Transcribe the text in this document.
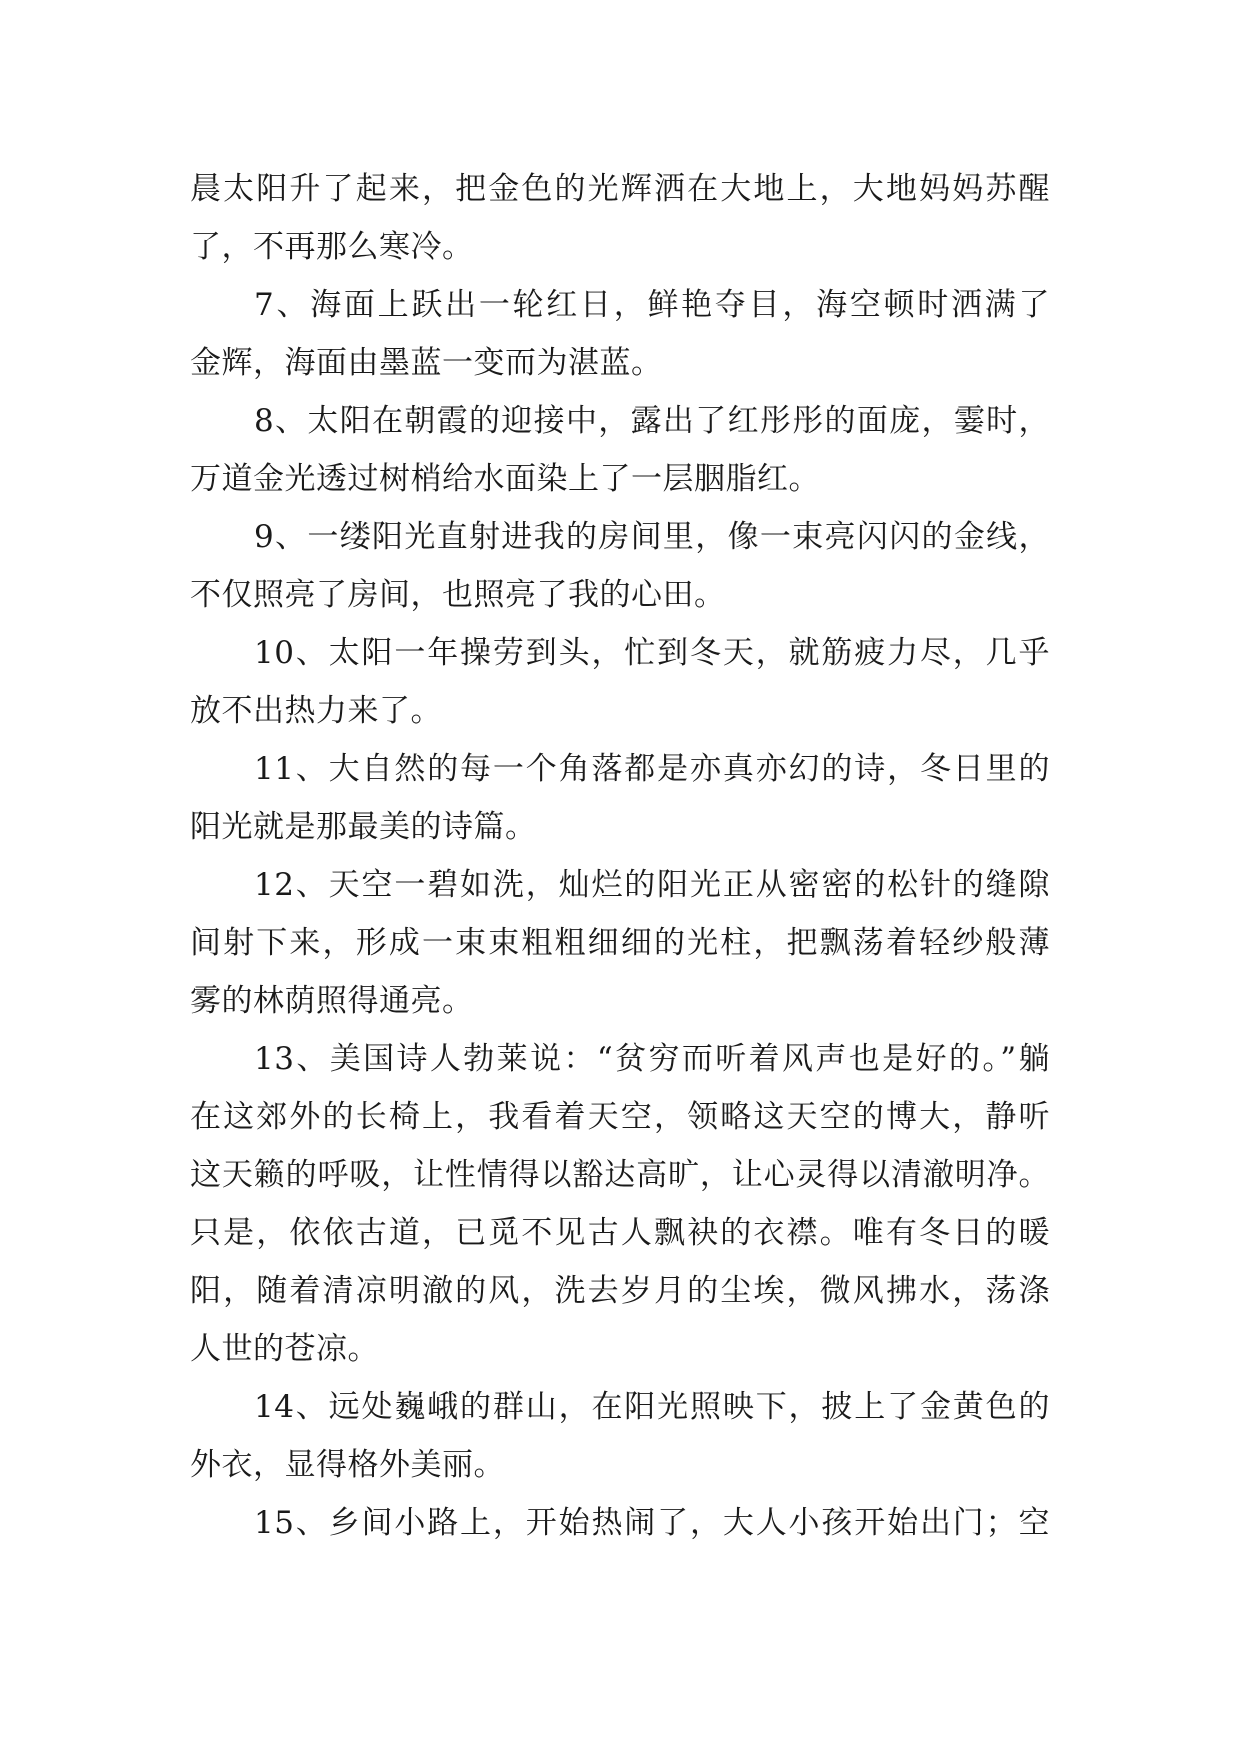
晨太阳升了起来，把金色的光辉洒在大地上，大地妈妈苏醒
了，不再那么寒冷。
7、海面上跃出一轮红日，鲜艳夺目，海空顿时洒满了
金辉，海面由墨蓝一变而为湛蓝。
8、太阳在朝霞的迎接中，露出了红彤彤的面庞，霎时，
万道金光透过树梢给水面染上了一层胭脂红。
9、一缕阳光直射进我的房间里，像一束亮闪闪的金线，
不仅照亮了房间，也照亮了我的心田。
10、太阳一年操劳到头，忙到冬天，就筋疲力尽，几乎
放不出热力来了。
11、大自然的每一个角落都是亦真亦幻的诗，冬日里的
阳光就是那最美的诗篇。
12、天空一碧如洗，灿烂的阳光正从密密的松针的缝隙
间射下来，形成一束束粗粗细细的光柱，把飘荡着轻纱般薄
雾的林荫照得通亮。
13、美国诗人勃莱说：“贫穷而听着风声也是好的。”躺
在这郊外的长椅上，我看着天空，领略这天空的博大，静听
这天籁的呼吸，让性情得以豁达高旷，让心灵得以清澈明净。
只是，依依古道，已觅不见古人飘袂的衣襟。唯有冬日的暖
阳，随着清凉明澈的风，洗去岁月的尘埃，微风拂水，荡涤
人世的苍凉。
14、远处巍峨的群山，在阳光照映下，披上了金黄色的
外衣，显得格外美丽。
15、乡间小路上，开始热闹了，大人小孩开始出门；空
